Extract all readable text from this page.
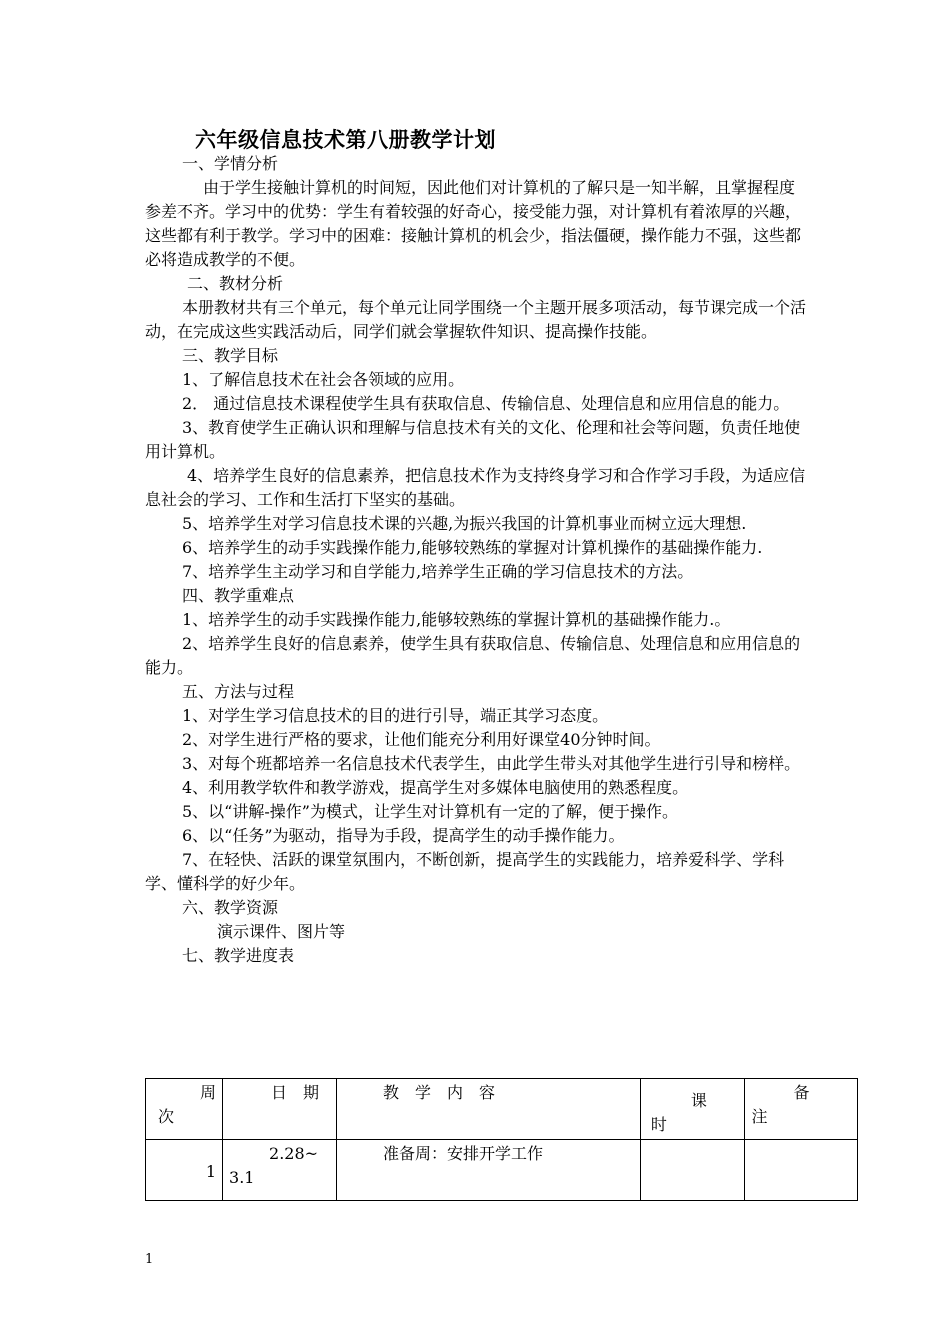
六年级信息技术第八册教学计划

一、学情分析

由于学生接触计算机的时间短，因此他们对计算机的了解只是一知半解，且掌握程度参差不齐。学习中的优势：学生有着较强的好奇心，接受能力强，对计算机有着浓厚的兴趣，这些都有利于教学。学习中的困难：接触计算机的机会少，指法僵硬，操作能力不强，这些都必将造成教学的不便。

二、教材分析

本册教材共有三个单元，每个单元让同学围绕一个主题开展多项活动，每节课完成一个活动，在完成这些实践活动后，同学们就会掌握软件知识、提高操作技能。

三、教学目标

1、了解信息技术在社会各领域的应用。

2． 通过信息技术课程使学生具有获取信息、传输信息、处理信息和应用信息的能力。

3、教育使学生正确认识和理解与信息技术有关的文化、伦理和社会等问题，负责任地使用计算机。

4、培养学生良好的信息素养，把信息技术作为支持终身学习和合作学习手段，为适应信息社会的学习、工作和生活打下坚实的基础。

5、培养学生对学习信息技术课的兴趣,为振兴我国的计算机事业而树立远大理想.

6、培养学生的动手实践操作能力,能够较熟练的掌握对计算机操作的基础操作能力.

7、培养学生主动学习和自学能力,培养学生正确的学习信息技术的方法。

四、教学重难点

1、培养学生的动手实践操作能力,能够较熟练的掌握计算机的基础操作能力.。

2、培养学生良好的信息素养，使学生具有获取信息、传输信息、处理信息和应用信息的能力。

五、方法与过程

1、对学生学习信息技术的目的进行引导，端正其学习态度。

2、对学生进行严格的要求，让他们能充分利用好课堂40分钟时间。

3、对每个班都培养一名信息技术代表学生，由此学生带头对其他学生进行引导和榜样。

4、利用教学软件和教学游戏，提高学生对多媒体电脑使用的熟悉程度。

5、以“讲解-操作”为模式，让学生对计算机有一定的了解，便于操作。

6、以“任务”为驱动，指导为手段，提高学生的动手操作能力。

7、在轻快、活跃的课堂氛围内，不断创新，提高学生的实践能力，培养爱科学、学科学、懂科学的好少年。

六、教学资源

演示课件、图片等

七、教学进度表

周次	日　期	教　学　内　容	课时	备注

1	2.28~3.1	准备周：安排开学工作		

1
